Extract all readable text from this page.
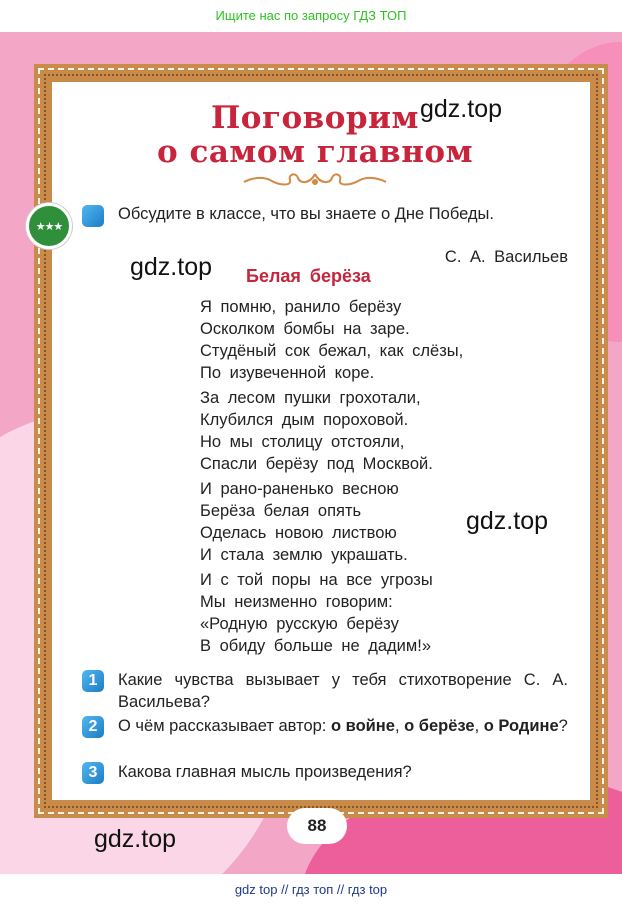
Ищите нас по запросу ГДЗ ТОП
Поговорим
о самом главном
★★★
Обсудите в классе, что вы знаете о Дне Победы.
С. А. Васильев
Белая берёза
Я помню, ранило берёзу
Осколком бомбы на заре.
Студёный сок бежал, как слёзы,
По изувеченной коре.
За лесом пушки грохотали,
Клубился дым пороховой.
Но мы столицу отстояли,
Спасли берёзу под Москвой.
И рано-раненько весною
Берёза белая опять
Оделась новою листвою
И стала землю украшать.
И с той поры на все угрозы
Мы неизменно говорим:
«Родную русскую берёзу
В обиду больше не дадим!»
1	Какие чувства вызывает у тебя стихотворение С. А. Васильева?
2	О чём рассказывает автор: о войне, о берёзе, о Родине?
3	Какова главная мысль произведения?
88
gdz.top
gdz.top
gdz.top
gdz.top
gdz top // гдз топ // гдз top
